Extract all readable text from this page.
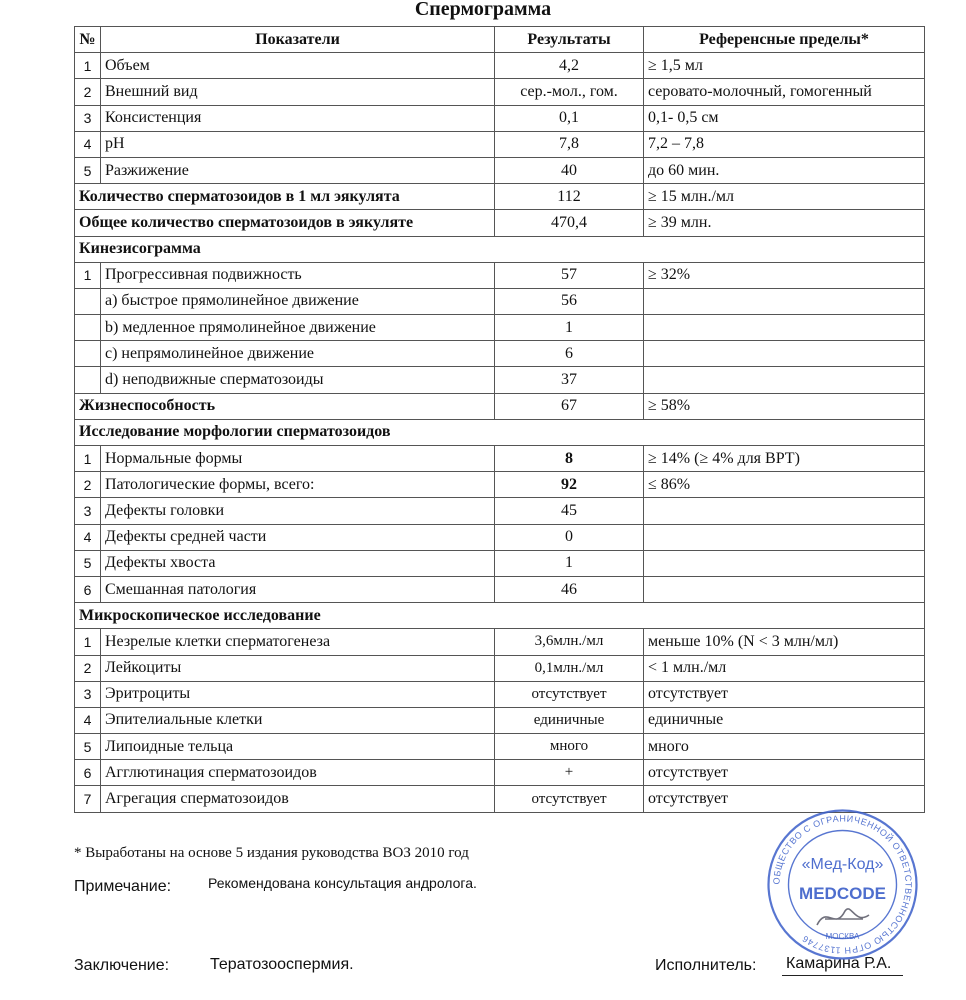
Спермограмма
№	Показатели	Результаты	Референсные пределы*
1	Объем	4,2	≥ 1,5 мл
2	Внешний вид	сер.-мол., гом.	серовато-молочный, гомогенный
3	Консистенция	0,1	0,1- 0,5 см
4	pH	7,8	7,2 – 7,8
5	Разжижение	40	до 60 мин.
Количество сперматозоидов в 1 мл эякулята		112	≥ 15 млн./мл
Общее количество сперматозоидов в эякуляте		470,4	≥ 39 млн.
Кинезисограмма			
1	Прогрессивная подвижность	57	≥ 32%
	а) быстрое прямолинейное движение	56	
	b) медленное прямолинейное движение	1	
	c) непрямолинейное движение	6	
	d) неподвижные сперматозоиды	37	
Жизнеспособность		67	≥ 58%
Исследование морфологии сперматозоидов			
1	Нормальные формы	8	≥ 14% (≥ 4% для ВРТ)
2	Патологические формы, всего:	92	≤ 86%
3	Дефекты головки	45	
4	Дефекты средней части	0	
5	Дефекты хвоста	1	
6	Смешанная патология	46	
Микроскопическое исследование			
1	Незрелые клетки сперматогенеза	3,6млн./мл	меньше 10% (N < 3 млн/мл)
2	Лейкоциты	0,1млн./мл	< 1 млн./мл
3	Эритроциты	отсутствует	отсутствует
4	Эпителиальные клетки	единичные	единичные
5	Липоидные тельца	много	много
6	Агглютинация сперматозоидов	+	отсутствует
7	Агрегация сперматозоидов	отсутствует	отсутствует
* Выработаны на основе 5 издания руководства ВОЗ 2010 год
Примечание:	Рекомендована консультация андролога.
Заключение:	Тератозооспермия.	Исполнитель: Камарина Р.А.
ОБЩЕСТВО С ОГРАНИЧЕННОЙ ОТВЕТСТВЕННОСТЬЮ ОГРН 1137746
«Мед-Код»
MEDCODE
МОСКВА
